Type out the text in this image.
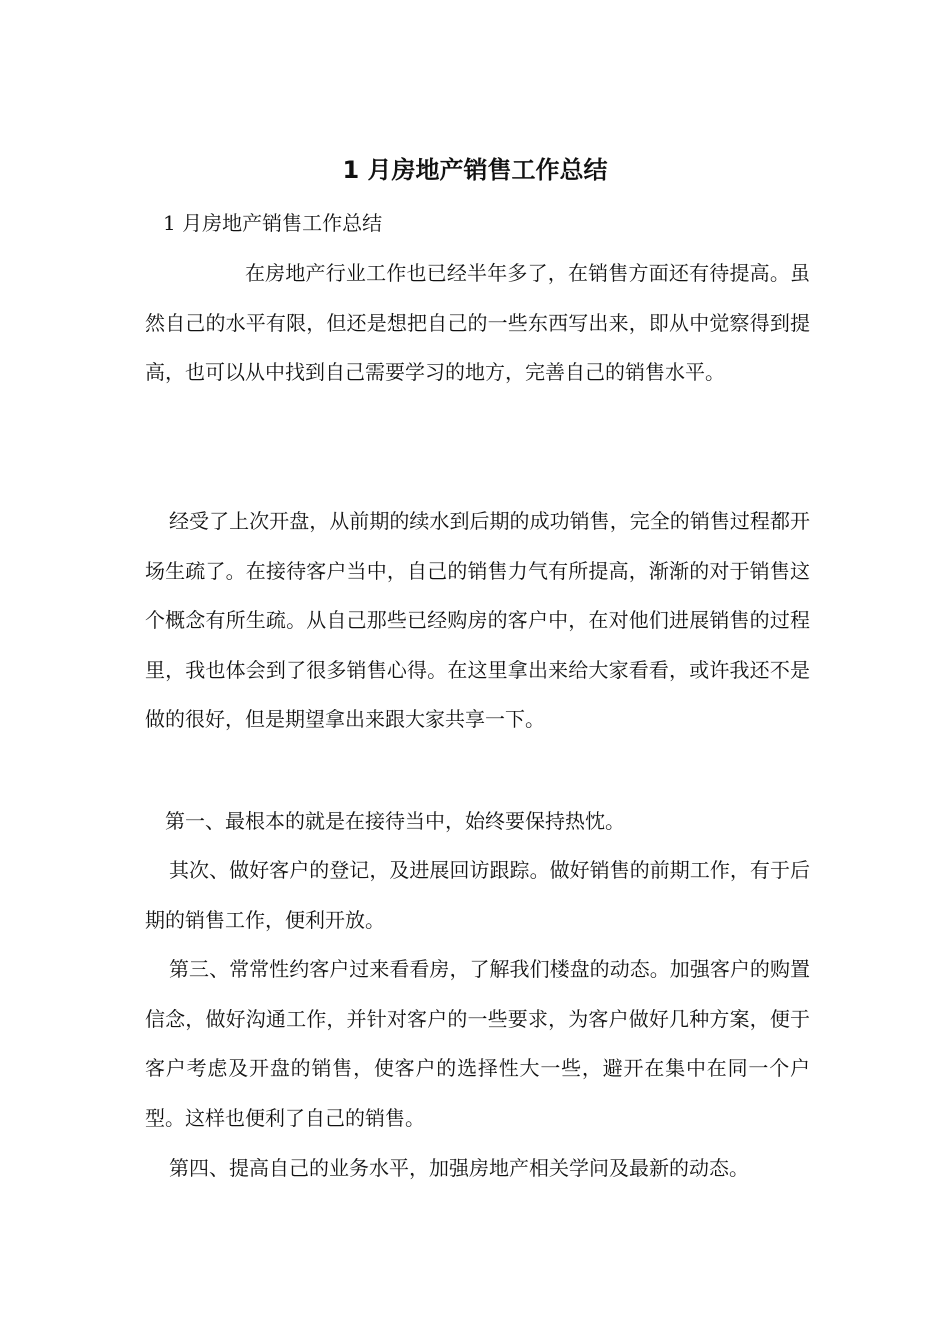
1 月房地产销售工作总结

1 月房地产销售工作总结

在房地产行业工作也已经半年多了，在销售方面还有待提高。虽然自己的水平有限，但还是想把自己的一些东西写出来，即从中觉察得到提高，也可以从中找到自己需要学习的地方，完善自己的销售水平。

经受了上次开盘，从前期的续水到后期的成功销售，完全的销售过程都开场生疏了。在接待客户当中，自己的销售力气有所提高，渐渐的对于销售这个概念有所生疏。从自己那些已经购房的客户中，在对他们进展销售的过程里，我也体会到了很多销售心得。在这里拿出来给大家看看，或许我还不是做的很好，但是期望拿出来跟大家共享一下。

第一、最根本的就是在接待当中，始终要保持热忱。

其次、做好客户的登记，及进展回访跟踪。做好销售的前期工作，有于后期的销售工作，便利开放。

第三、常常性约客户过来看看房，了解我们楼盘的动态。加强客户的购置信念，做好沟通工作，并针对客户的一些要求，为客户做好几种方案，便于客户考虑及开盘的销售，使客户的选择性大一些，避开在集中在同一个户型。这样也便利了自己的销售。

第四、提高自己的业务水平，加强房地产相关学问及最新的动态。
